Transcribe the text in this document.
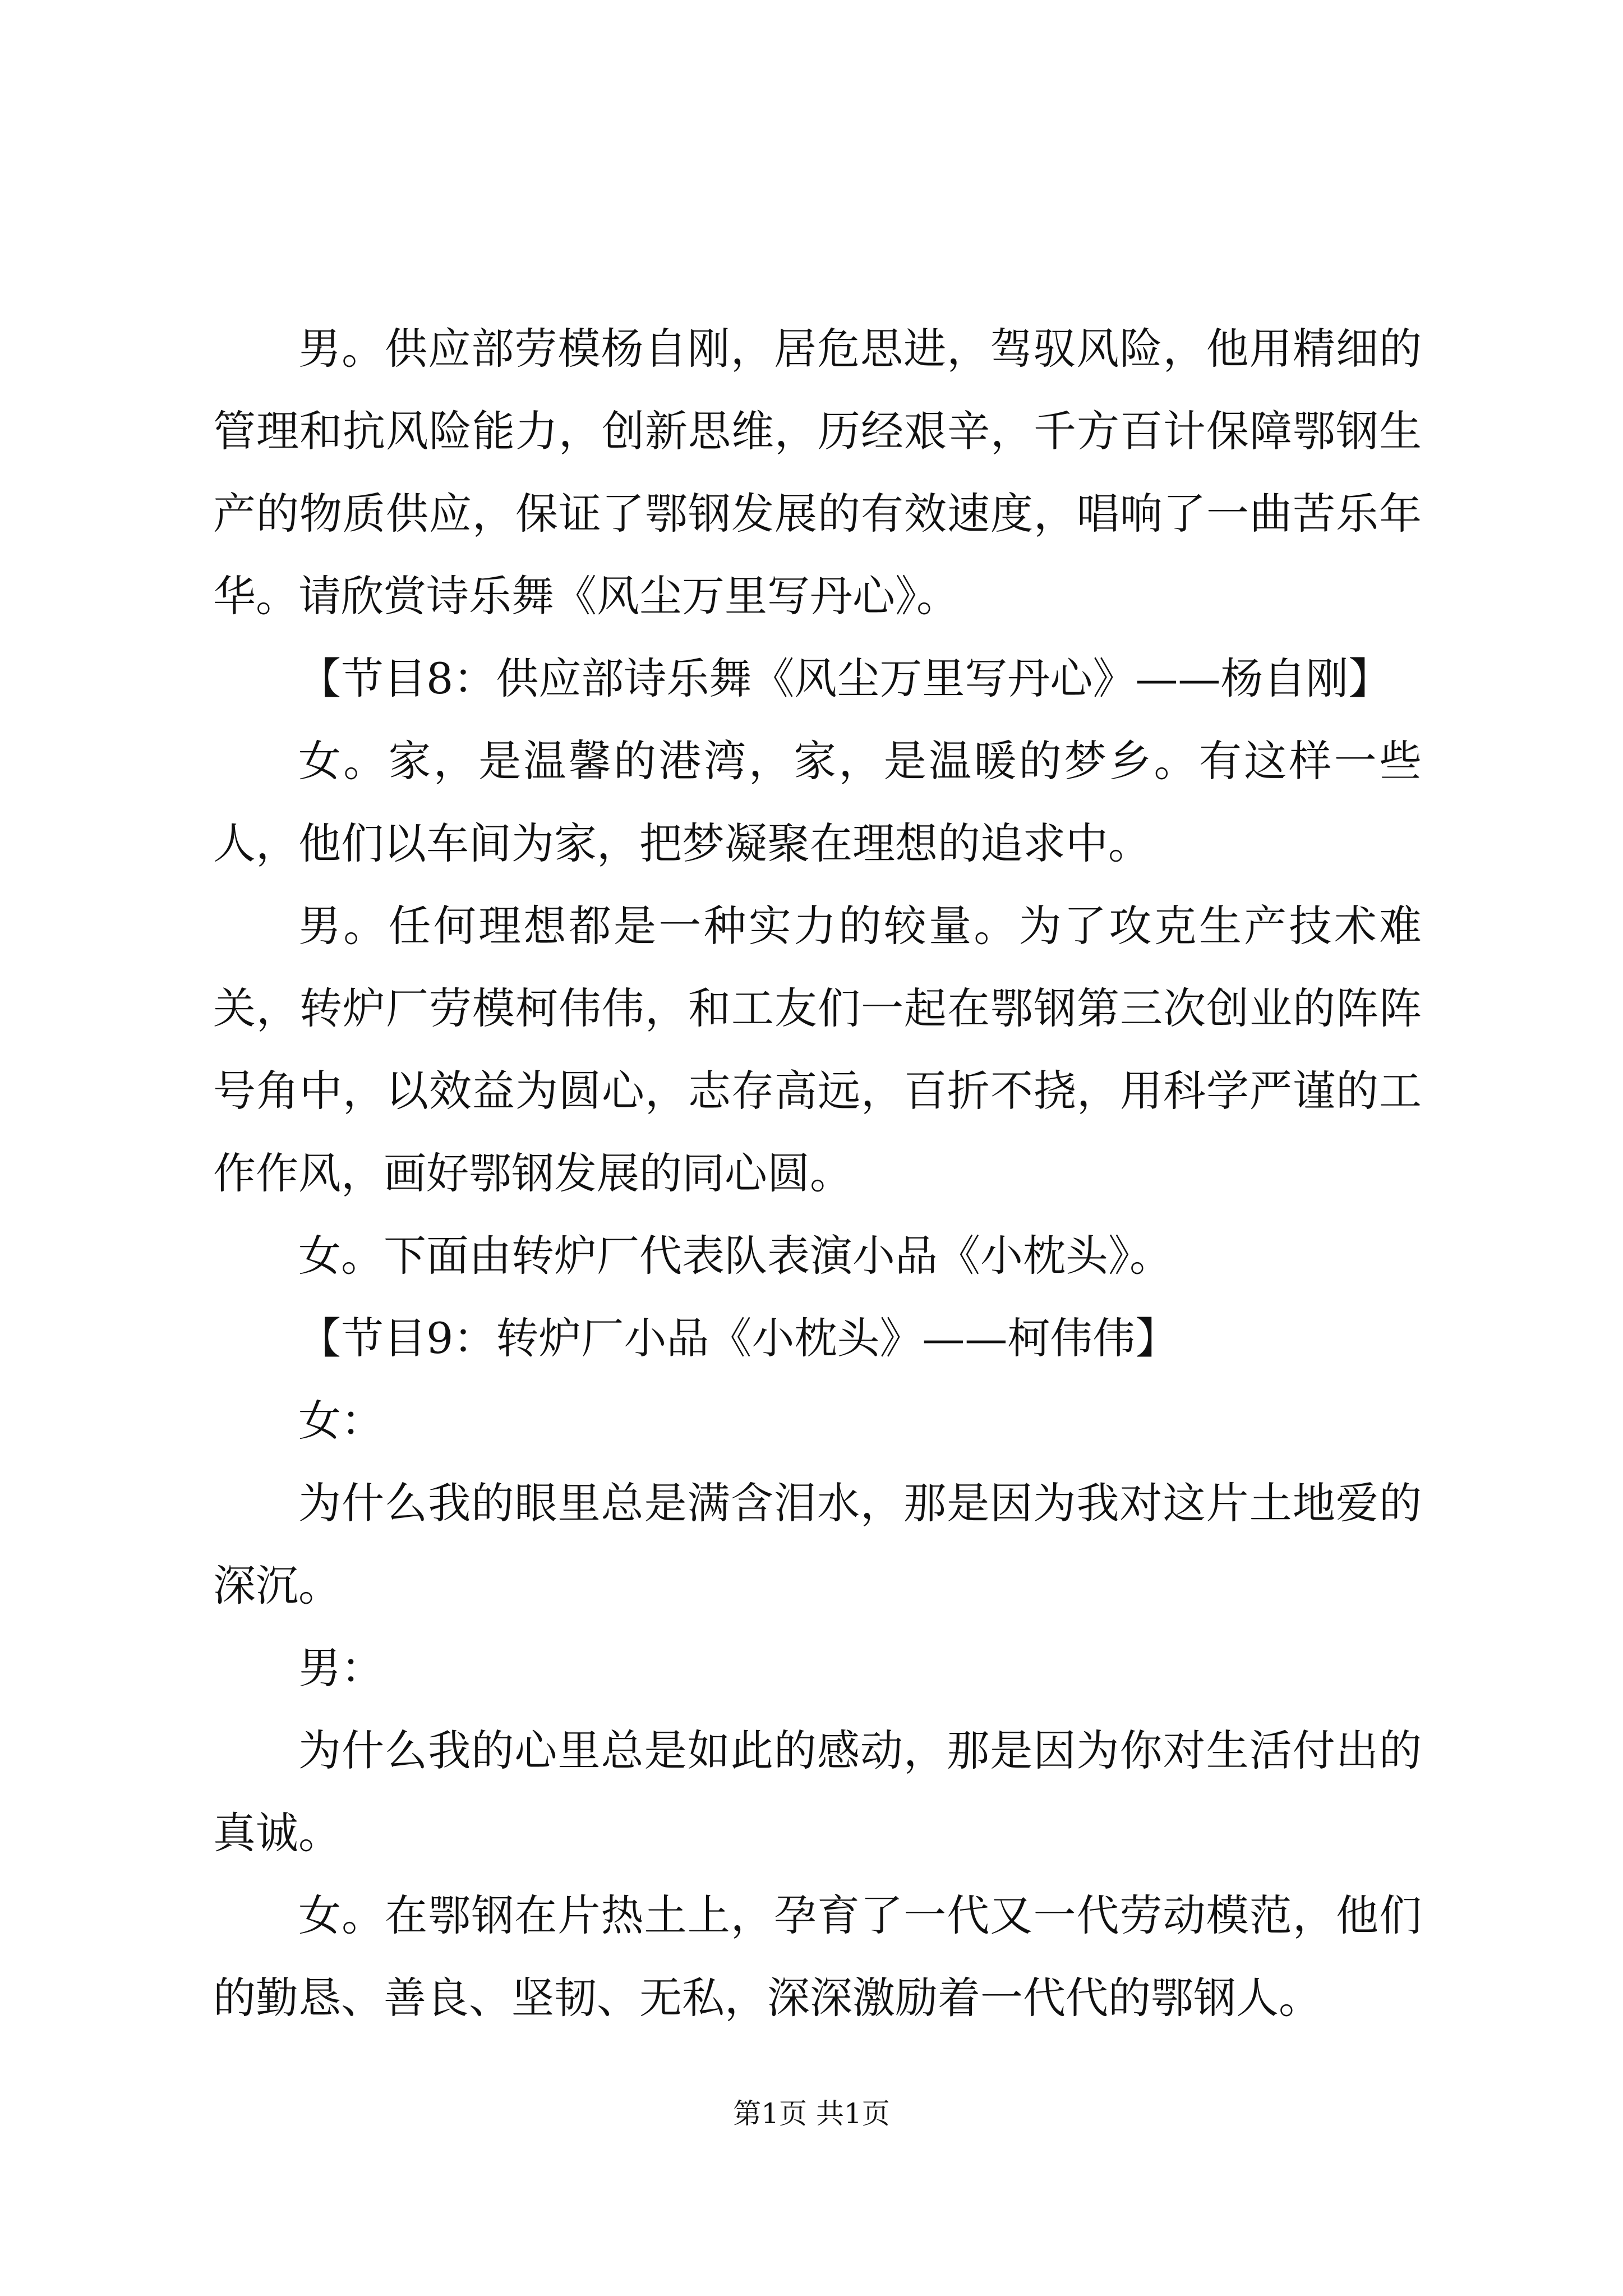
男。供应部劳模杨自刚，居危思进，驾驭风险，他用精细的管理和抗风险能力，创新思维，历经艰辛，千方百计保障鄂钢生产的物质供应，保证了鄂钢发展的有效速度，唱响了一曲苦乐年华。请欣赏诗乐舞《风尘万里写丹心》。

【节目8：供应部诗乐舞《风尘万里写丹心》——杨自刚】

女。家，是温馨的港湾，家，是温暖的梦乡。有这样一些人，他们以车间为家，把梦凝聚在理想的追求中。

男。任何理想都是一种实力的较量。为了攻克生产技术难关，转炉厂劳模柯伟伟，和工友们一起在鄂钢第三次创业的阵阵号角中，以效益为圆心，志存高远，百折不挠，用科学严谨的工作作风，画好鄂钢发展的同心圆。

女。下面由转炉厂代表队表演小品《小枕头》。

【节目9：转炉厂小品《小枕头》——柯伟伟】

女：

为什么我的眼里总是满含泪水，那是因为我对这片土地爱的深沉。

男：

为什么我的心里总是如此的感动，那是因为你对生活付出的真诚。

女。在鄂钢在片热土上，孕育了一代又一代劳动模范，他们的勤恳、善良、坚韧、无私，深深激励着一代代的鄂钢人。

第1页 共1页
